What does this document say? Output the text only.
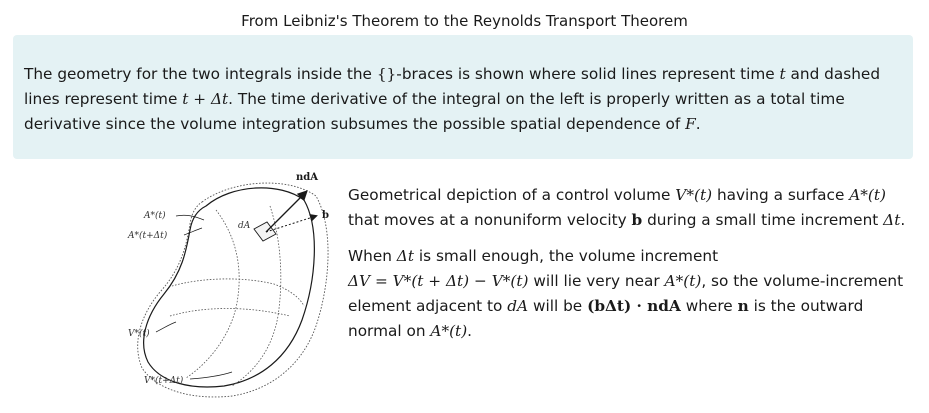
From Leibniz's Theorem to the Reynolds Transport Theorem
The geometry for the two integrals inside the {}-braces is shown where solid lines represent time t and dashed lines represent time t + Δt. The time derivative of the integral on the left is properly written as a total time derivative since the volume integration subsumes the possible spatial dependence of F.
A*(t)
A*(t+Δt)
dA
ndA
b
V*(t)
V*(t+Δt)

Geometrical depiction of a control volume V*(t) having a surface A*(t) that moves at a nonuniform velocity b during a small time increment Δt.

When Δt is small enough, the volume increment
ΔV = V*(t + Δt) − V*(t) will lie very near A*(t), so the volume-increment element adjacent to dA will be (bΔt) · ndA where n is the outward normal on A*(t).
